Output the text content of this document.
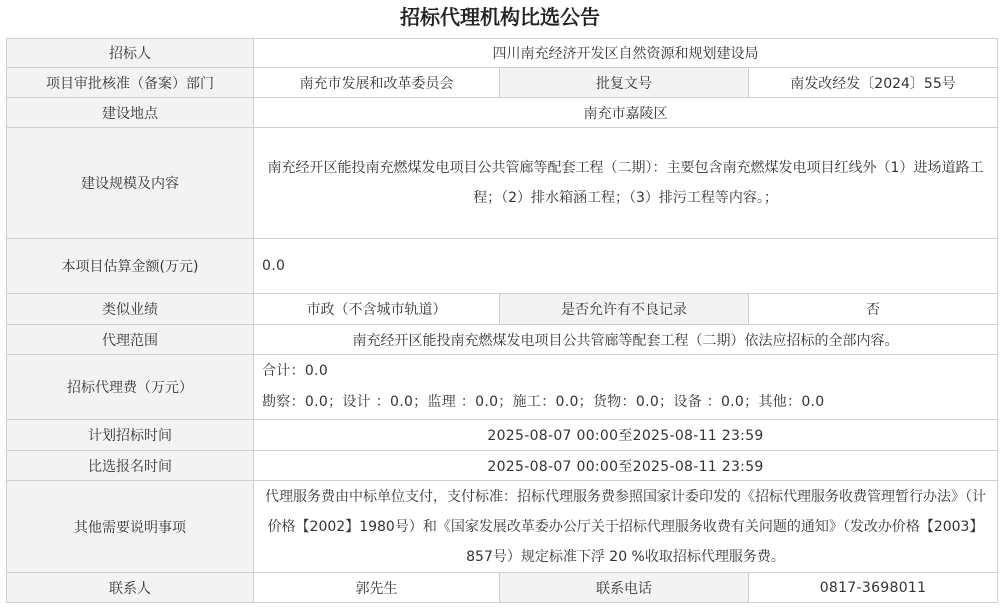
招标代理机构比选公告
招标人	四川南充经济开发区自然资源和规划建设局		
项目审批核准（备案）部门	南充市发展和改革委员会	批复文号	南发改经发〔2024〕55号
建设地点	南充市嘉陵区		
建设规模及内容	南充经开区能投南充燃煤发电项目公共管廊等配套工程（二期）：主要包含南充燃煤发电项目红线外（1）进场道路工程；（2）排水箱涵工程；（3）排污工程等内容。；		
本项目估算金额(万元)	0.0		
类似业绩	市政（不含城市轨道）	是否允许有不良记录	否
代理范围	南充经开区能投南充燃煤发电项目公共管廊等配套工程（二期）依法应招标的全部内容。		
招标代理费（万元）	合计：0.0
勘察：0.0；设计 ：0.0；监理 ：0.0；施工：0.0；货物：0.0；设备 ：0.0；其他：0.0		

计划招标时间	2025-08-07 00:00至2025-08-11 23:59		
比选报名时间	2025-08-07 00:00至2025-08-11 23:59		
其他需要说明事项	代理服务费由中标单位支付，支付标准：招标代理服务费参照国家计委印发的《招标代理服务收费管理暂行办法》（计价格【2002】1980号）和《国家发展改革委办公厅关于招标代理服务收费有关问题的通知》（发改办价格【2003】857号）规定标准下浮 20 %收取招标代理服务费。		
联系人	郭先生	联系电话	0817-3698011
